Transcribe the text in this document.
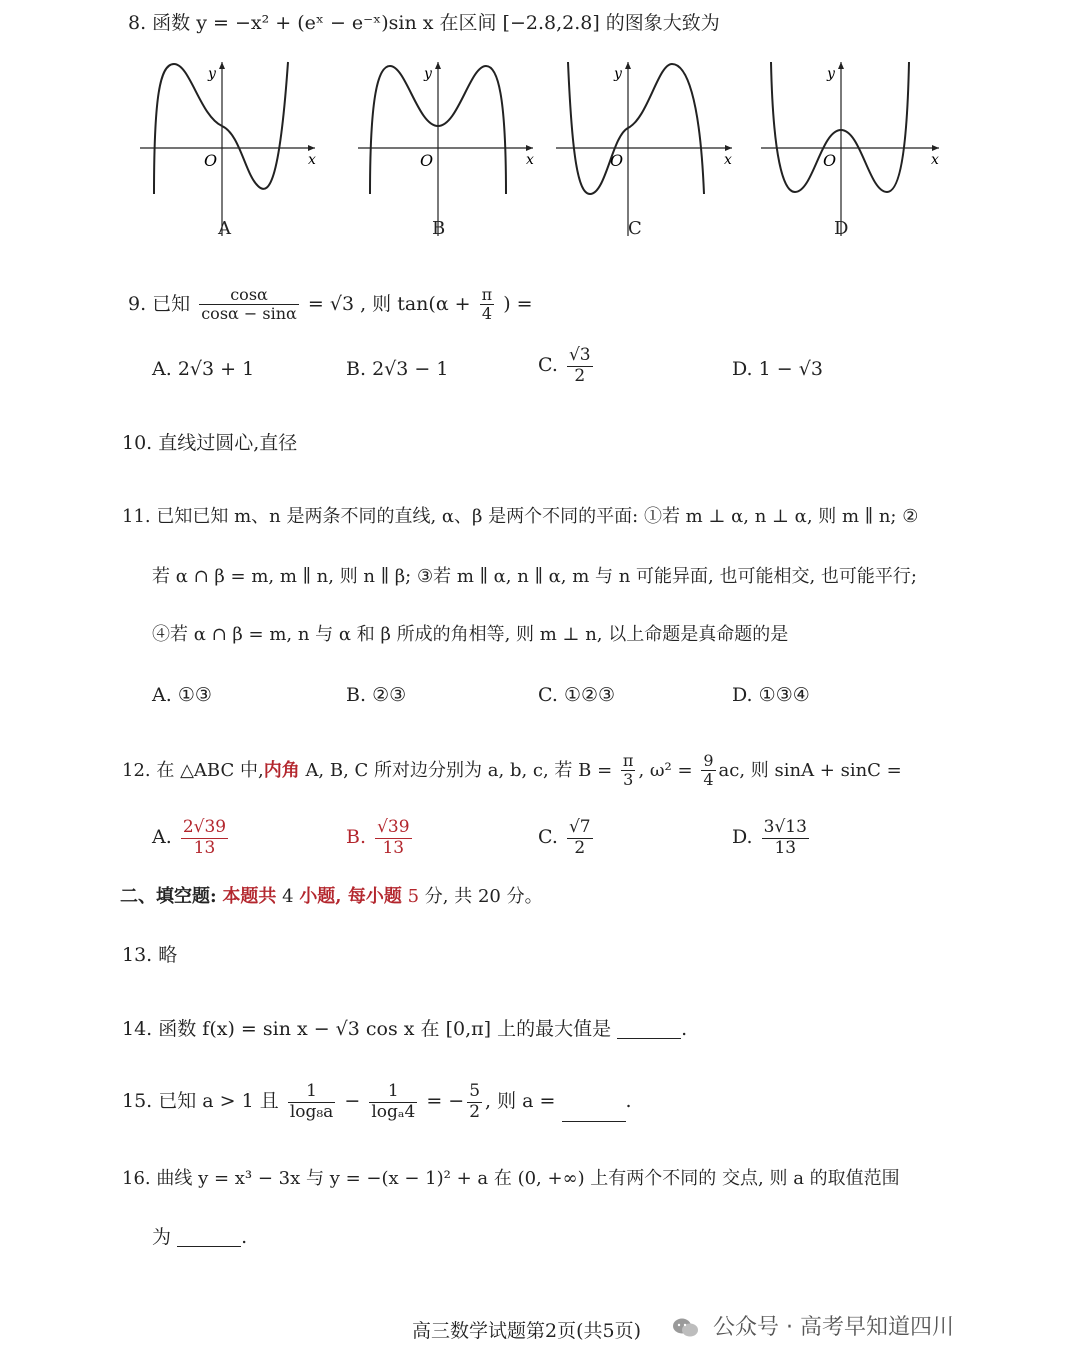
8. 函数 y = −x² + (eˣ − e⁻ˣ)sin x 在区间 [−2.8,2.8] 的图象大致为
O	x
y
O	x
y
O	x
y
O	x
y
A	B	C	D
9. 已知 $\frac{\cos\alpha}{\cos\alpha - \sin\alpha} = √3$ , 则 $\tan(\alpha + \frac{\pi}{4}$ ) =
A. 2√3 + 1	B. 2√3 − 1	C. $\frac{√3}{2}$	D. 1 − √3
10. 直线过圆心,直径
11. 已知已知 m、n 是两条不同的直线, α、β 是两个不同的平面: ①若 m ⊥ α, n ⊥ α, 则 m ∥ n; ②
若 α ∩ β = m, m ∥ n, 则 n ∥ β; ③若 m ∥ α, n ∥ α, m 与 n 可能异面, 也可能相交, 也可能平行;
④若 α ∩ β = m, n 与 α 和 β 所成的角相等, 则 m ⊥ n, 以上命题是真命题的是
A. ①③	B. ②③	C. ①②③	D. ①③④
12. 在 △ABC 中,内角 A, B, C 所对边分别为 a, b, c, 若 $B = \frac{\pi}{3}$ , $\omega^2 = \frac{9}{4}$ ac, 则 sinA + sinC =
A. $\frac{2√39}{13}$	B. $\frac{√39}{13}$	C. $\frac{√7}{2}$	D. $\frac{3√13}{13}$
二、填空题: 本题共 4 小题, 每小题 5 分, 共 20 分。
13. 略
14. 函数 f(x) = sin x − √3 cos x 在 [0,π] 上的最大值是	.
15. 已知 a > 1 且 $\frac{1}{\text{log₈a}} - \frac{1}{\text{logₐ4}}$ = − $\frac{5}{2}$ , 则 a =	.
16. 曲线 y = x³ − 3x 与 y = −(x − 1)² + a 在 (0, +∞) 上有两个不同的 交点, 则 a 的取值范围
为	.
高三数学试题第2页(共5页)	公众号 · 高考早知道四川
